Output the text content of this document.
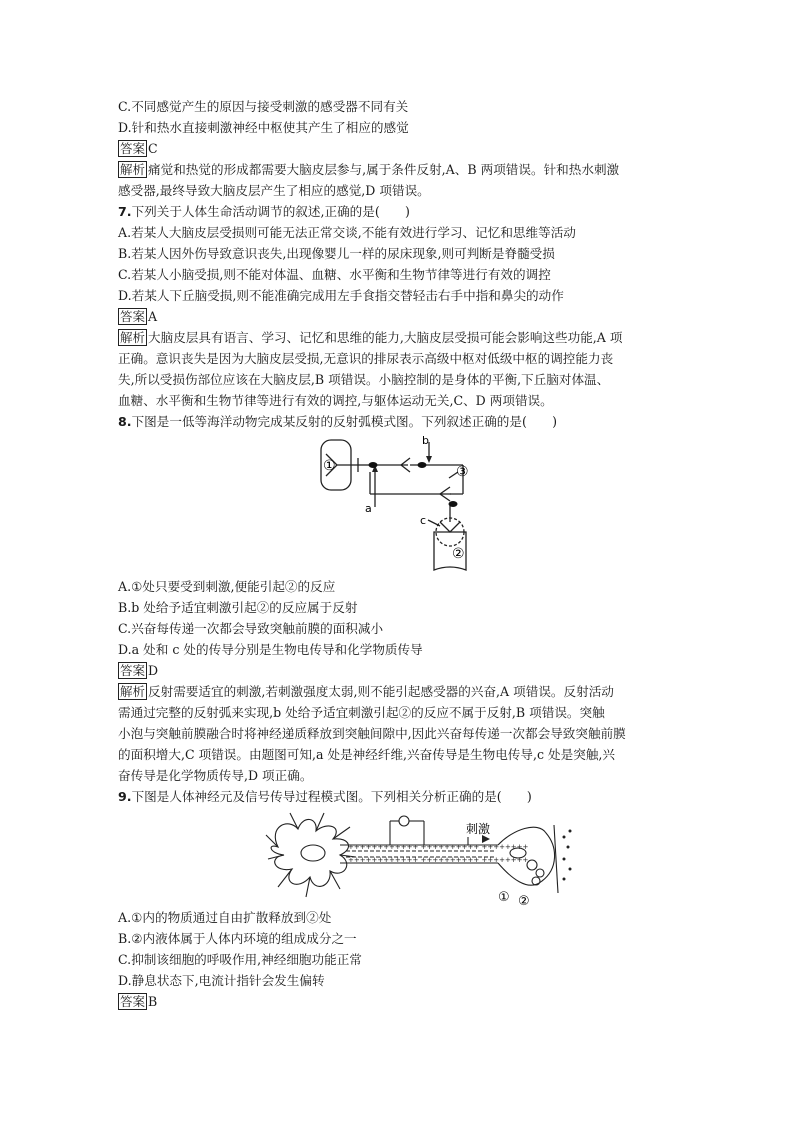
C.不同感觉产生的原因与接受刺激的感受器不同有关
D.针和热水直接刺激神经中枢使其产生了相应的感觉
答案 C
解析 痛觉和热觉的形成都需要大脑皮层参与,属于条件反射,A、B 两项错误。针和热水刺激
感受器,最终导致大脑皮层产生了相应的感觉,D 项错误。
7.下列关于人体生命活动调节的叙述,正确的是(　　)
A.若某人大脑皮层受损则可能无法正常交谈,不能有效进行学习、记忆和思维等活动
B.若某人因外伤导致意识丧失,出现像婴儿一样的尿床现象,则可判断是脊髓受损
C.若某人小脑受损,则不能对体温、血糖、水平衡和生物节律等进行有效的调控
D.若某人下丘脑受损,则不能准确完成用左手食指交替轻击右手中指和鼻尖的动作
答案 A
解析 大脑皮层具有语言、学习、记忆和思维的能力,大脑皮层受损可能会影响这些功能,A 项
正确。意识丧失是因为大脑皮层受损,无意识的排尿表示高级中枢对低级中枢的调控能力丧
失,所以受损伤部位应该在大脑皮层,B 项错误。小脑控制的是身体的平衡,下丘脑对体温、
血糖、水平衡和生物节律等进行有效的调控,与躯体运动无关,C、D 两项错误。
8.下图是一低等海洋动物完成某反射的反射弧模式图。下列叙述正确的是(　　)
①
②
③
a
b
c
A.①处只要受到刺激,便能引起②的反应
B.b 处给予适宜刺激引起②的反应属于反射
C.兴奋每传递一次都会导致突触前膜的面积减小
D.a 处和 c 处的传导分别是生物电传导和化学物质传导
答案 D
解析 反射需要适宜的刺激,若刺激强度太弱,则不能引起感受器的兴奋,A 项错误。反射活动
需通过完整的反射弧来实现,b 处给予适宜刺激引起②的反应不属于反射,B 项错误。突触
小泡与突触前膜融合时将神经递质释放到突触间隙中,因此兴奋每传递一次都会导致突触前膜
的面积增大,C 项错误。由题图可知,a 处是神经纤维,兴奋传导是生物电传导,c 处是突触,兴
奋传导是化学物质传导,D 项正确。
9.下图是人体神经元及信号传导过程模式图。下列相关分析正确的是(　　)
++++++++++++ ++++++++++ ++++++++
++++++++++++ ++++++++++ ++++++++
刺激
① ②
A.①内的物质通过自由扩散释放到②处
B.②内液体属于人体内环境的组成成分之一
C.抑制该细胞的呼吸作用,神经细胞功能正常
D.静息状态下,电流计指针会发生偏转
答案 B
